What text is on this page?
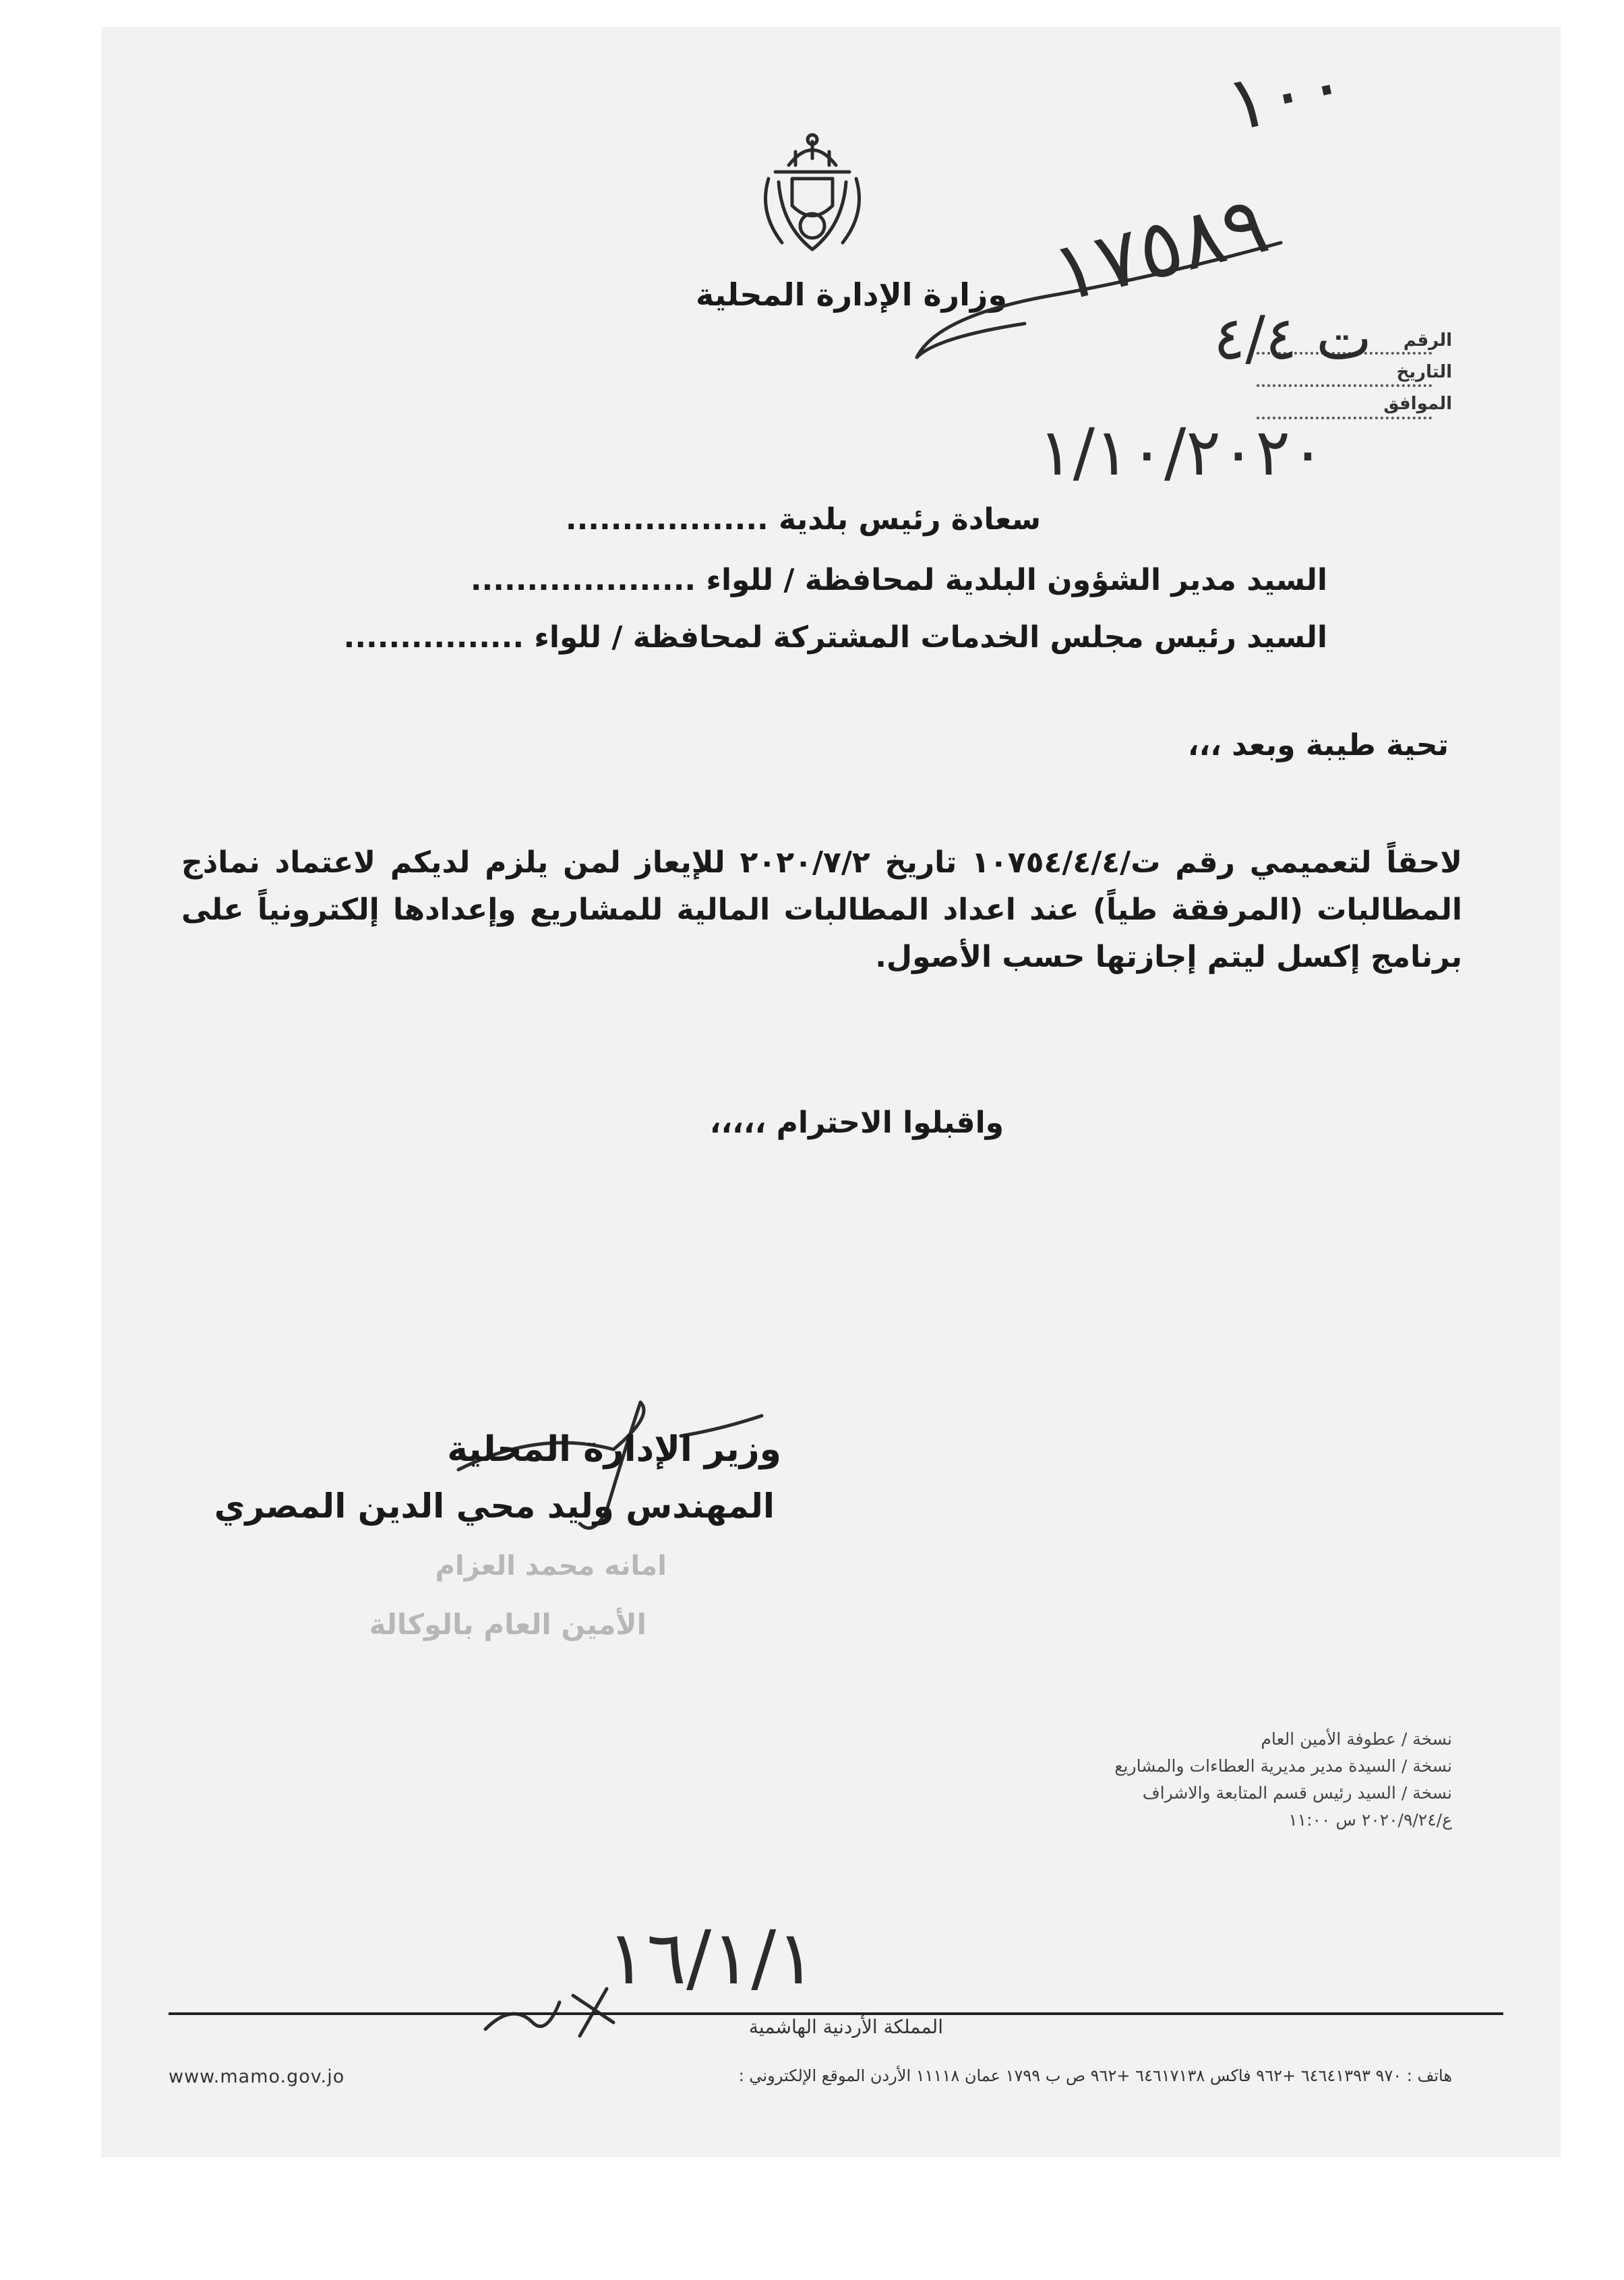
وزارة الإدارة المحلية
الرقم
التاريخ
الموافق
١٠٠
١٧٥٨٩
ت ٤/٤
١/١٠/٢٠٢٠
سعادة رئيس بلدية ..................
السيد مدير الشؤون البلدية لمحافظة / للواء ....................
السيد رئيس مجلس الخدمات المشتركة لمحافظة / للواء ................
تحية طيبة وبعد ،،،
لاحقاً لتعميمي رقم ت/١٠٧٥٤/٤/٤ تاريخ ٢٠٢٠/٧/٢ للإيعاز لمن يلزم لديكم لاعتماد نماذج المطالبات (المرفقة طياً) عند اعداد المطالبات المالية للمشاريع وإعدادها إلكترونياً على برنامج إكسل ليتم إجازتها حسب الأصول.
واقبلوا الاحترام ،،،،،
وزير الإدارة المحلية
المهندس وليد محي الدين المصري
امانه محمد العزام
الأمين العام بالوكالة
نسخة / عطوفة الأمين العام
نسخة / السيدة مدير مديرية العطاءات والمشاريع
نسخة / السيد رئيس قسم المتابعة والاشراف
ع/٢٠٢٠/٩/٢٤ س ١١:٠٠
١٦/١/١
المملكة الأردنية الهاشمية
هاتف : ٩٧٠ ٦٤٦٤١٣٩٣ +٩٦٢ فاكس ٦٤٦١٧١٣٨ +٩٦٢ ص ب ١٧٩٩ عمان ١١١١٨ الأردن الموقع الإلكتروني :
www.mamo.gov.jo
